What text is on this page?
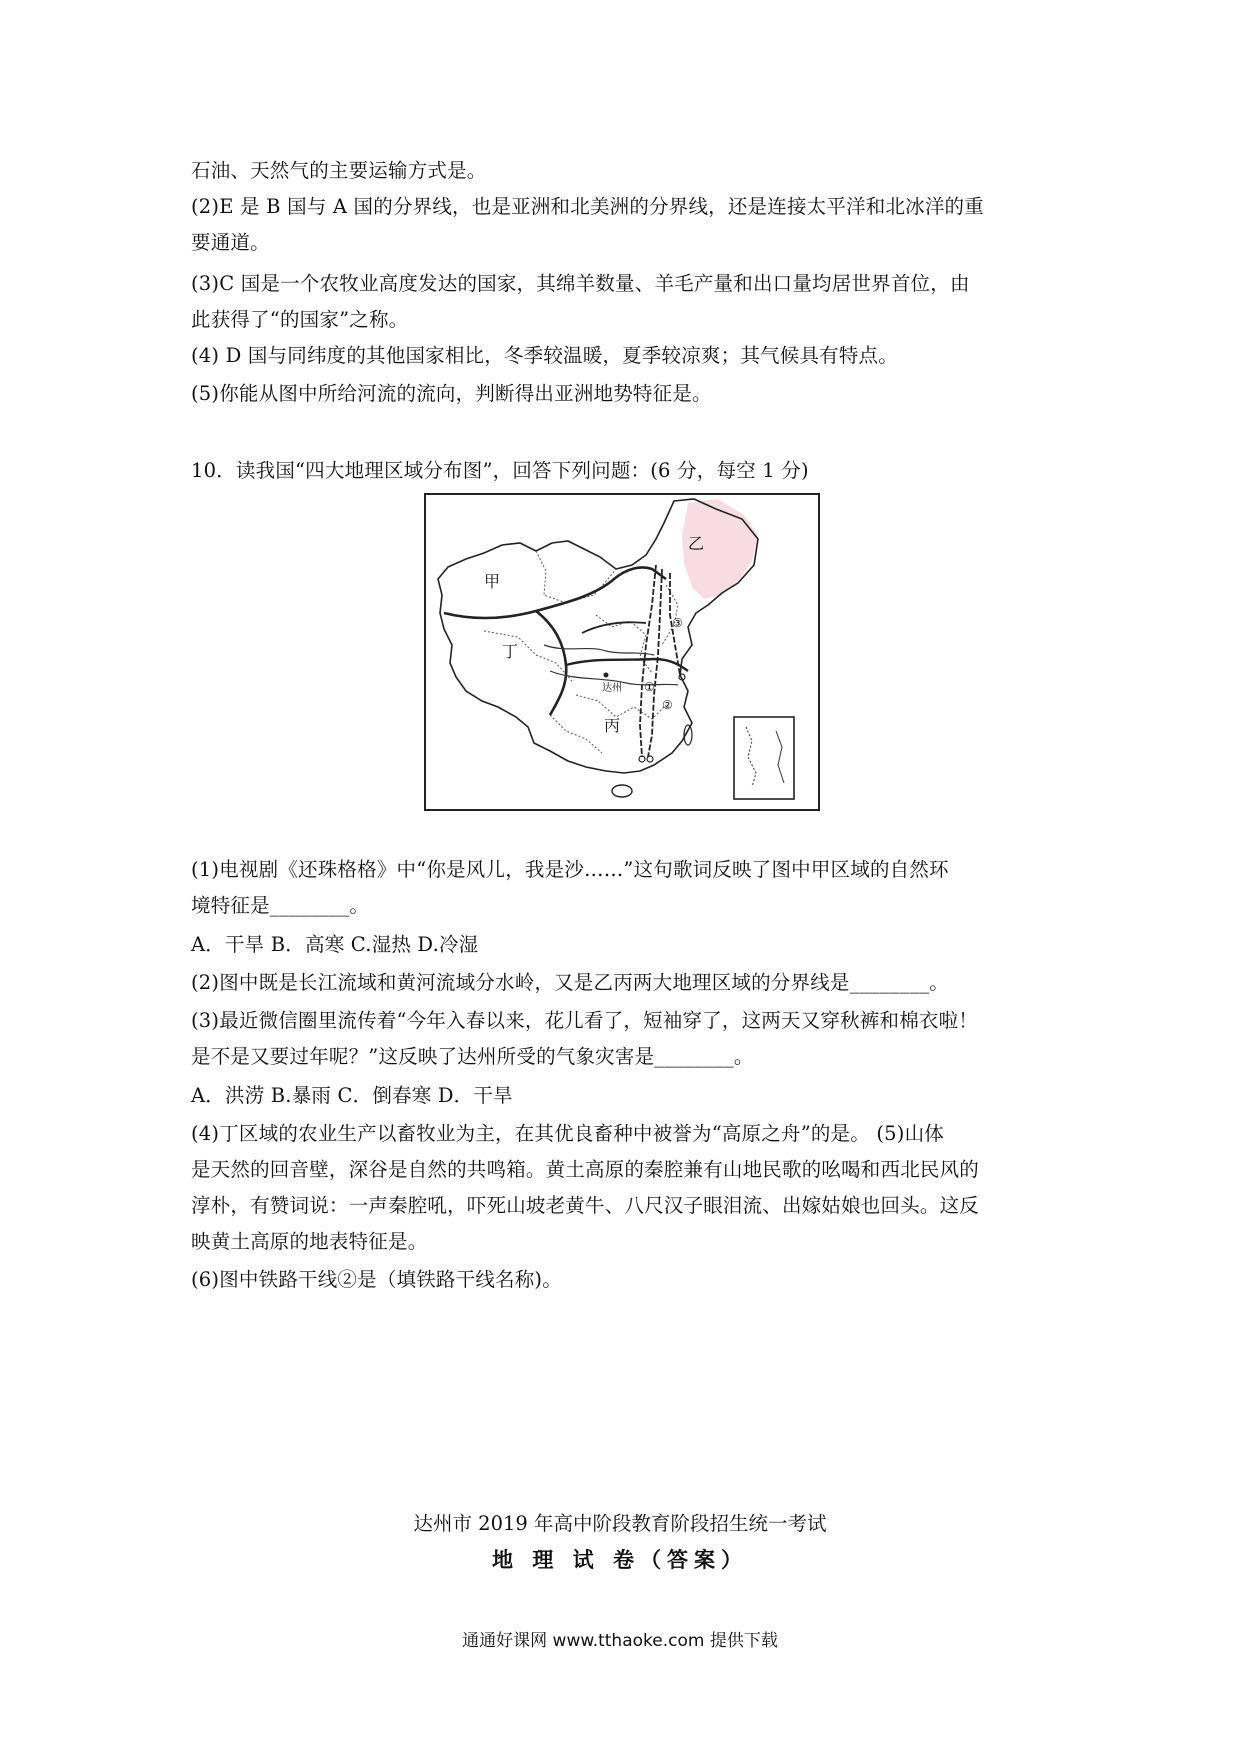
石油、天然气的主要运输方式是。
(2)E 是 B 国与 A 国的分界线，也是亚洲和北美洲的分界线，还是连接太平洋和北冰洋的重
要通道。
(3)C 国是一个农牧业高度发达的国家，其绵羊数量、羊毛产量和出口量均居世界首位，由
此获得了“的国家”之称。
(4) D 国与同纬度的其他国家相比，冬季较温暖，夏季较凉爽；其气候具有特点。
(5)你能从图中所给河流的流向，判断得出亚洲地势特征是。
10．读我国“四大地理区域分布图”，回答下列问题：(6 分，每空 1 分)
甲
乙
丙
丁
达州 ①
②
③
(1)电视剧《还珠格格》中“你是风儿，我是沙……”这句歌词反映了图中甲区域的自然环
境特征是________。
A．干旱 B．高寒 C.湿热 D.冷湿
(2)图中既是长江流域和黄河流域分水岭，又是乙丙两大地理区域的分界线是________。
(3)最近微信圈里流传着“今年入春以来，花儿看了，短袖穿了，这两天又穿秋裤和棉衣啦！
是不是又要过年呢？”这反映了达州所受的气象灾害是________。
A．洪涝 B.暴雨 C．倒春寒 D．干旱
(4)丁区域的农业生产以畜牧业为主，在其优良畜种中被誉为“高原之舟”的是。 (5)山体
是天然的回音壁，深谷是自然的共鸣箱。黄土高原的秦腔兼有山地民歌的吆喝和西北民风的
淳朴，有赞词说：一声秦腔吼，吓死山坡老黄牛、八尺汉子眼泪流、出嫁姑娘也回头。这反
映黄土高原的地表特征是。
(6)图中铁路干线②是（填铁路干线名称)。
达州市 2019 年高中阶段教育阶段招生统一考试
地 理 试 卷（答案）
通通好课网 www.tthaoke.com 提供下载
